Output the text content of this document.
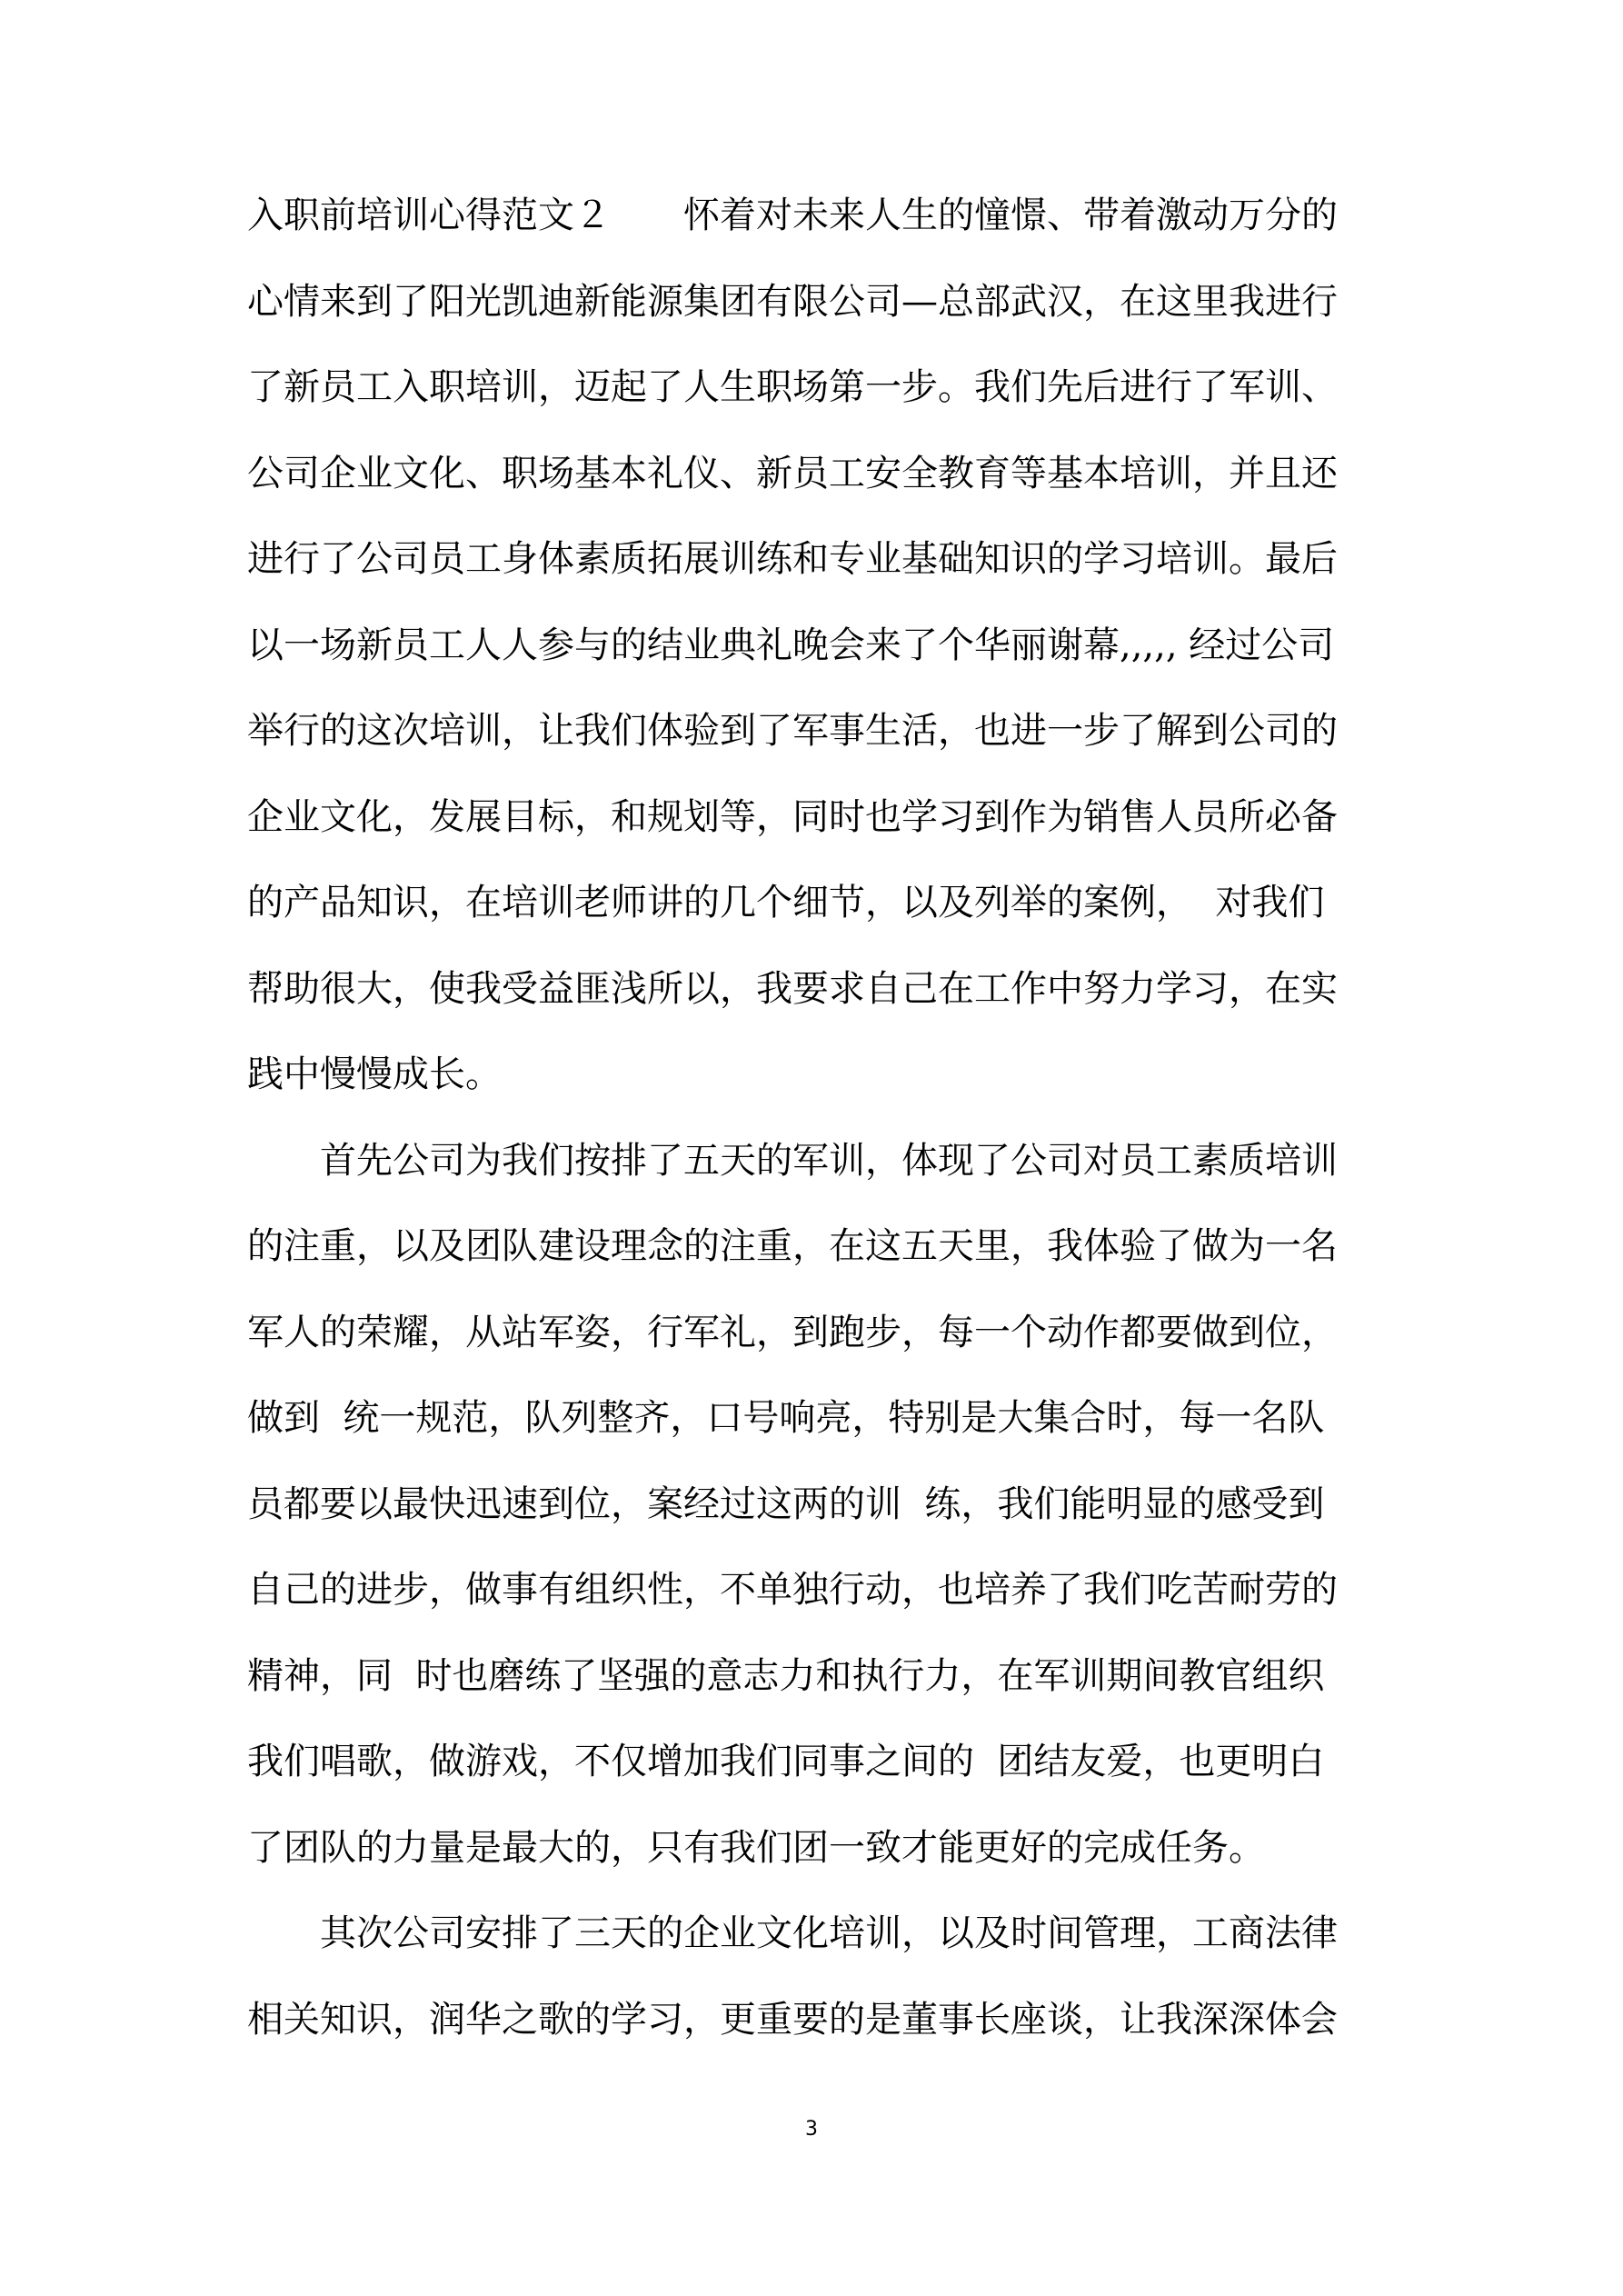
入职前培训心得范文２　　怀着对未来人生的憧憬、带着激动万分的
心情来到了阳光凯迪新能源集团有限公司—总部武汉，在这里我进行
了新员工入职培训，迈起了人生职场第一步。我们先后进行了军训、
公司企业文化、职场基本礼仪、新员工安全教育等基本培训，并且还
进行了公司员工身体素质拓展训练和专业基础知识的学习培训。最后
以一场新员工人人参与的结业典礼晚会来了个华丽谢幕,,,,, 经过公司
举行的这次培训，让我们体验到了军事生活，也进一步了解到公司的
企业文化，发展目标，和规划等，同时也学习到作为销售人员所必备
的产品知识，在培训老师讲的几个细节，以及列举的案例，  对我们
帮助很大，使我受益匪浅所以，我要求自己在工作中努力学习，在实
践中慢慢成长。
　　首先公司为我们按排了五天的军训，体现了公司对员工素质培训
的注重，以及团队建设理念的注重，在这五天里，我体验了做为一名
军人的荣耀，从站军姿，行军礼，到跑步，每一个动作都要做到位，
做到  统一规范，队列整齐，口号响亮，特别是大集合时，每一名队
员都要以最快迅速到位，案经过这两的训  练，我们能明显的感受到
自己的进步，做事有组织性，不单独行动，也培养了我们吃苦耐劳的
精神，同  时也磨练了坚强的意志力和执行力，在军训期间教官组织
我们唱歌，做游戏，不仅增加我们同事之间的  团结友爱，也更明白
了团队的力量是最大的，只有我们团一致才能更好的完成任务。
　　其次公司安排了三天的企业文化培训，以及时间管理，工商法律
相关知识，润华之歌的学习，更重要的是董事长座谈，让我深深体会
3
